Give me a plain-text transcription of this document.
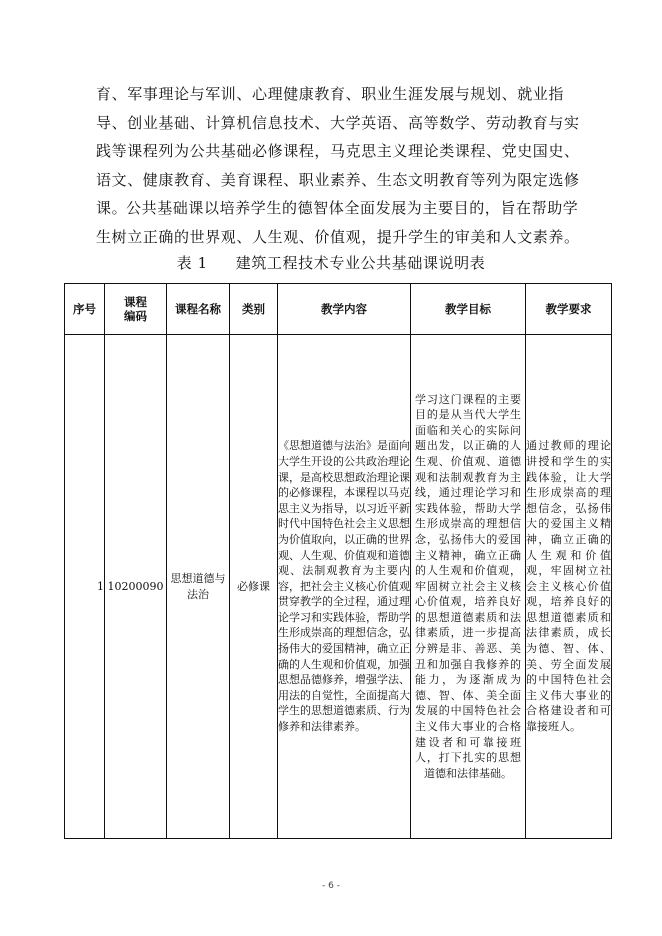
育、军事理论与军训、心理健康教育、职业生涯发展与规划、就业指导、创业基础、计算机信息技术、大学英语、高等数学、劳动教育与实践等课程列为公共基础必修课程，马克思主义理论类课程、党史国史、语文、健康教育、美育课程、职业素养、生态文明教育等列为限定选修课。
公共基础课以培养学生的德智体全面发展为主要目的，旨在帮助学生树立正确的世界观、人生观、价值观，提升学生的审美和人文素养。
表 1 建筑工程技术专业公共基础课说明表
序号	课程编码	课程名称	类别	教学内容	教学目标	教学要求
1	10200090	思想道德与法治	必修课	《思想道德与法治》是面向大学生开设的公共政治理论课，是高校思想政治理论课的必修课程，本课程以马克思主义为指导，以习近平新时代中国特色社会主义思想为价值取向，以正确的世界观、人生观、价值观和道德观、法制观教育为主要内容，把社会主义核心价值观贯穿教学的全过程，通过理论学习和实践体验，帮助学生形成崇高的理想信念，弘扬伟大的爱国精神，确立正确的人生观和价值观，加强思想品德修养，增强学法、用法的自觉性，全面提高大学生的思想道德素质、行为修养和法律素养。	学习这门课程的主要目的是从当代大学生面临和关心的实际问题出发，以正确的人生观、价值观、道德观和法制观教育为主线，通过理论学习和实践体验，帮助大学生形成崇高的理想信念，弘扬伟大的爱国主义精神，确立正确的人生观和价值观，牢固树立社会主义核心价值观，培养良好的思想道德素质和法律素质，进一步提高分辨是非、善恶、美丑和加强自我修养的能力，为逐渐成为德、智、体、美全面发展的中国特色社会主义伟大事业的合格建设者和可靠接班人，打下扎实的思想道德和法律基础。	通过教师的理论讲授和学生的实践体验，让大学生形成崇高的理想信念，弘扬伟大的爱国主义精神，确立正确的人生观和价值观，牢固树立社会主义核心价值观，培养良好的思想道德素质和法律素质，成长为德、智、体、美、劳全面发展的中国特色社会主义伟大事业的合格建设者和可靠接班人。
- 6 -
